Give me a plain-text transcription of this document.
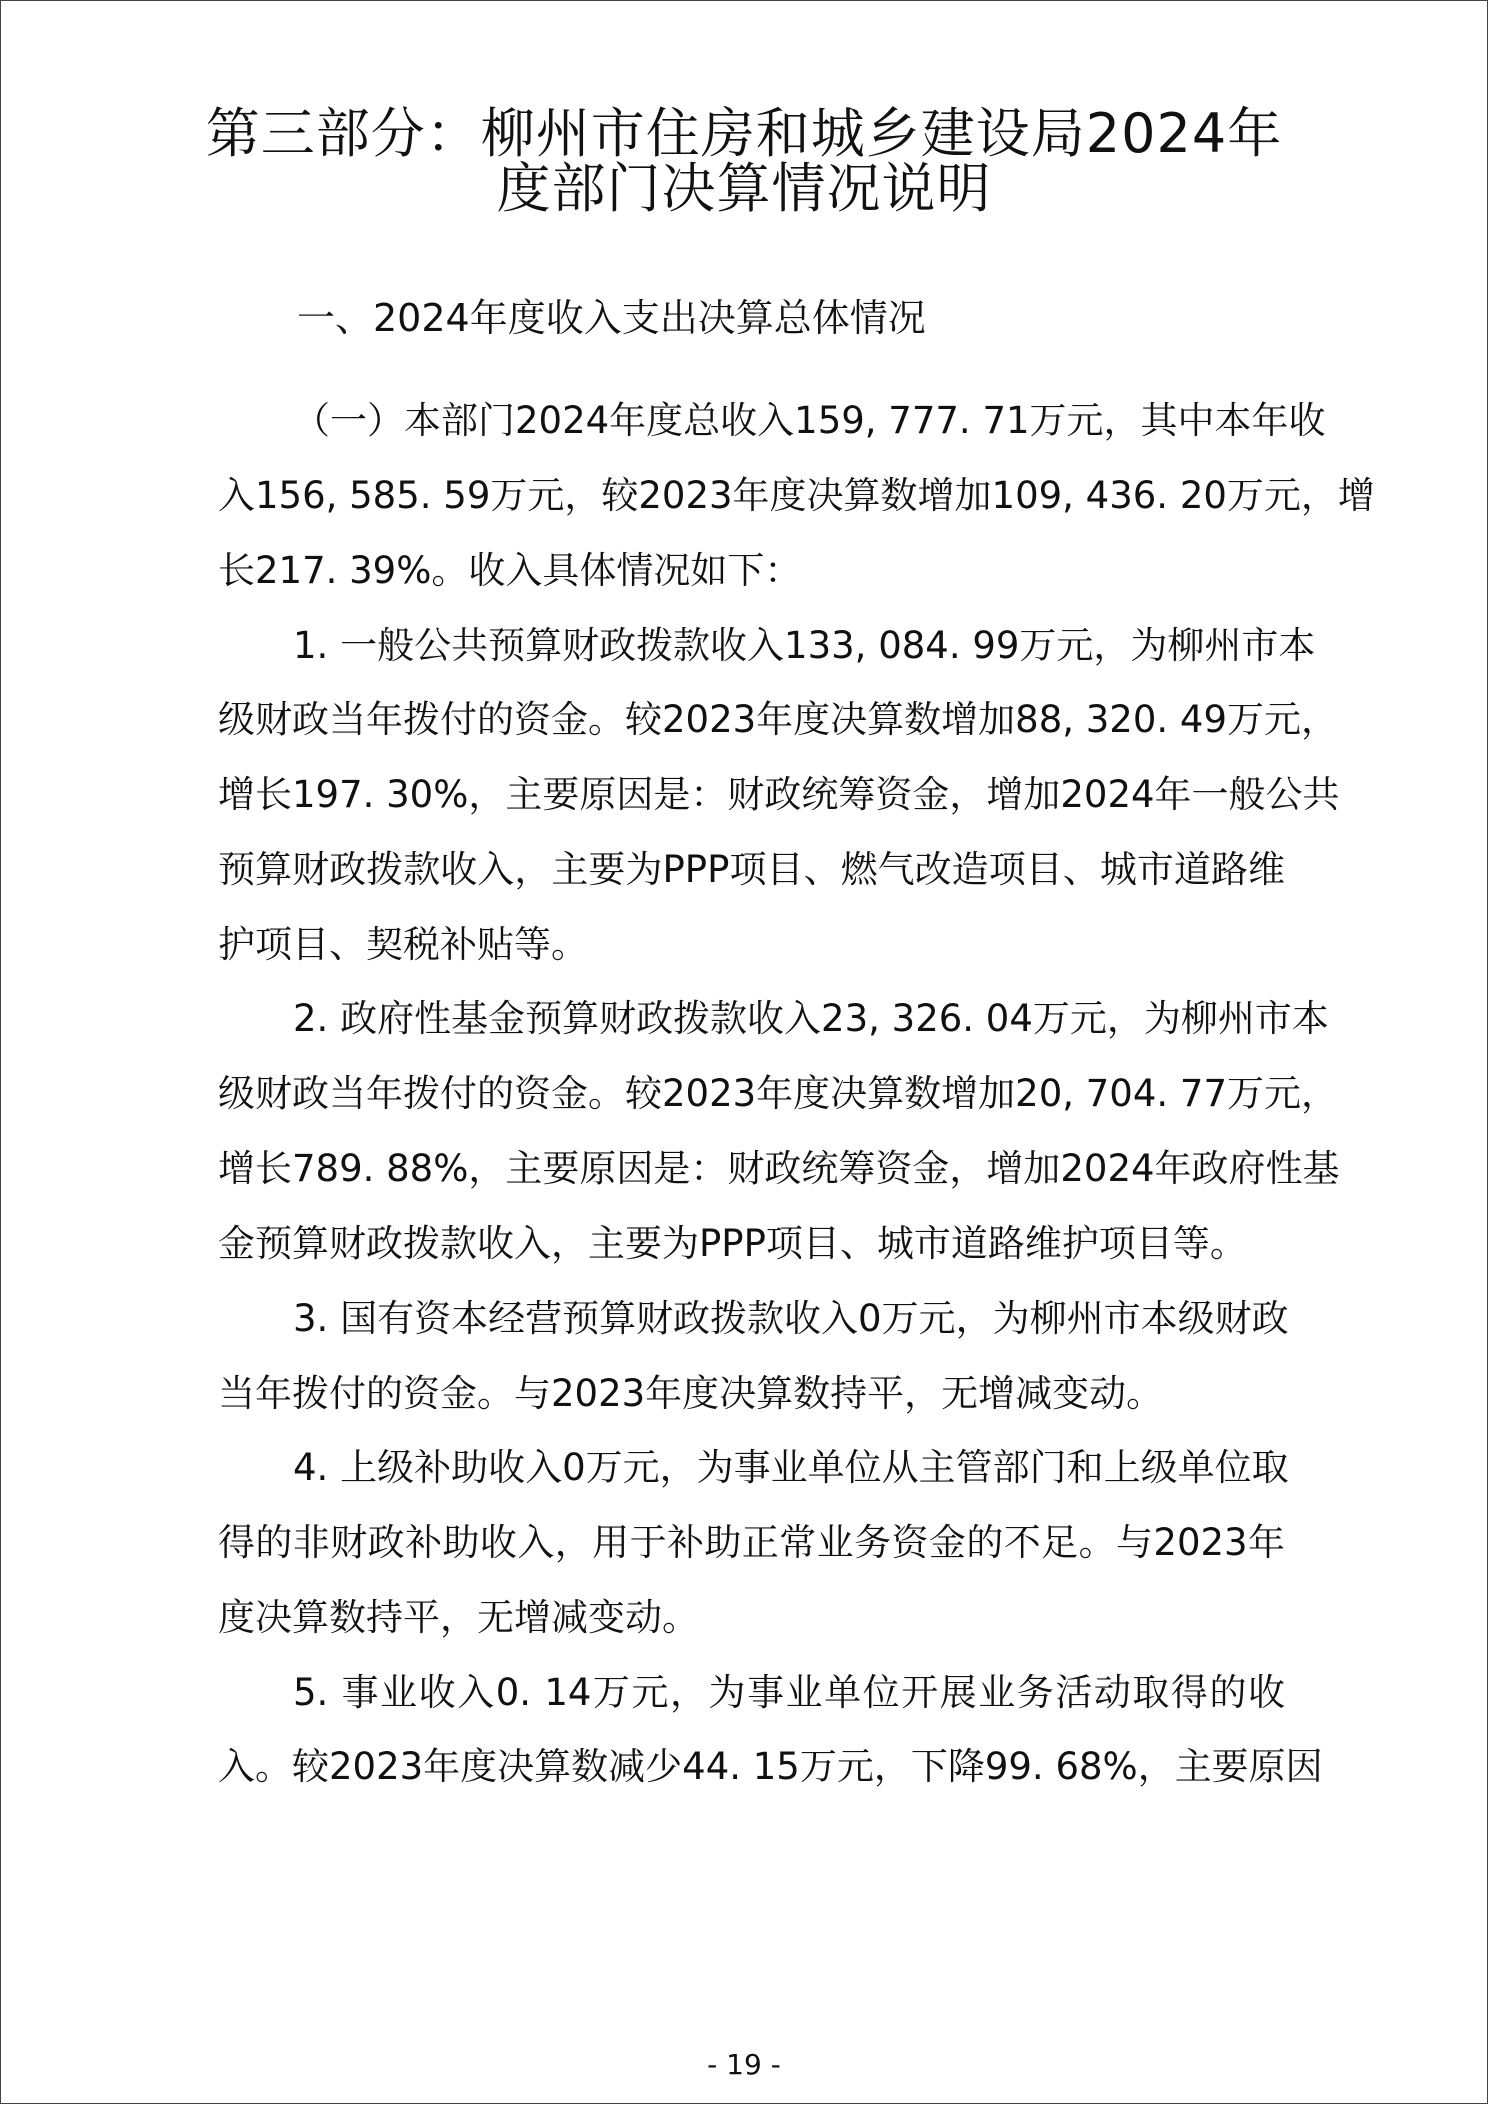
第三部分：柳州市住房和城乡建设局2024年
度部门决算情况说明
一、2024年度收入支出决算总体情况
（一）本部门2024年度总收入159, 777. 71万元，其中本年收
入156, 585. 59万元，较2023年度决算数增加109, 436. 20万元，增
长217. 39%。收入具体情况如下：
1. 一般公共预算财政拨款收入133, 084. 99万元，为柳州市本
级财政当年拨付的资金。较2023年度决算数增加88, 320. 49万元，
增长197. 30%，主要原因是：财政统筹资金，增加2024年一般公共
预算财政拨款收入，主要为PPP项目、燃气改造项目、城市道路维
护项目、契税补贴等。
2. 政府性基金预算财政拨款收入23, 326. 04万元，为柳州市本
级财政当年拨付的资金。较2023年度决算数增加20, 704. 77万元，
增长789. 88%，主要原因是：财政统筹资金，增加2024年政府性基
金预算财政拨款收入，主要为PPP项目、城市道路维护项目等。
3. 国有资本经营预算财政拨款收入0万元，为柳州市本级财政
当年拨付的资金。与2023年度决算数持平，无增减变动。
4. 上级补助收入0万元，为事业单位从主管部门和上级单位取
得的非财政补助收入，用于补助正常业务资金的不足。与2023年
度决算数持平，无增减变动。
5. 事业收入0. 14万元，为事业单位开展业务活动取得的收
入。较2023年度决算数减少44. 15万元，下降99. 68%，主要原因
- 19 -
